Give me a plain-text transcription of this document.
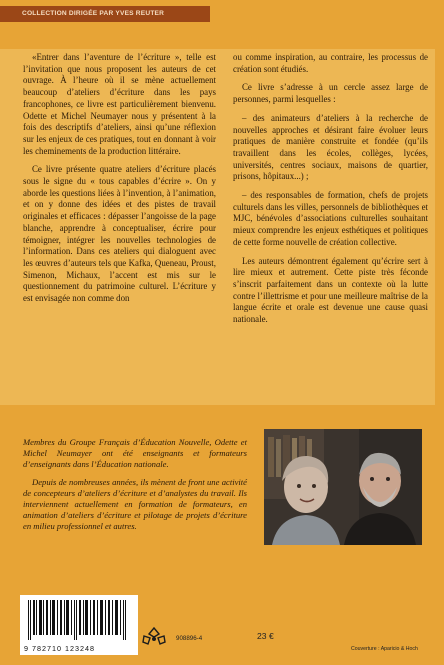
COLLECTION DIRIGÉE PAR YVES REUTER

«Entrer dans l’aventure de l’écriture », telle est l’invitation que nous proposent les auteurs de cet ouvrage. À l’heure où il se mène actuellement beaucoup d’ateliers d’écriture dans les pays francophones, ce livre est particulièrement bienvenu. Odette et Michel Neumayer nous y présentent à la fois des descriptifs d’ateliers, ainsi qu’une réflexion sur les enjeux de ces pratiques, tout en donnant à voir les cheminements de la production littéraire.

Ce livre présente quatre ateliers d’écriture placés sous le signe du « tous capables d’écrire ». On y aborde les questions liées à l’invention, à l’animation, et on y donne des idées et des pistes de travail originales et efficaces : dépasser l’angoisse de la page blanche, apprendre à conceptualiser, écrire pour témoigner, intégrer les nouvelles technologies de l’information. Dans ces ateliers qui dialoguent avec les œuvres d’auteurs tels que Kafka, Queneau, Proust, Simenon, Michaux, l’accent est mis sur le questionnement du patrimoine culturel. L’écriture y est envisagée non comme don

ou comme inspiration, au contraire, les processus de création sont étudiés.

Ce livre s’adresse à un cercle assez large de personnes, parmi lesquelles :

– des animateurs d’ateliers à la recherche de nouvelles approches et désirant faire évoluer leurs pratiques de manière construite et fondée (qu’ils travaillent dans les écoles, collèges, lycées, universités, centres sociaux, maisons de quartier, prisons, hôpitaux...) ;

– des responsables de formation, chefs de projets culturels dans les villes, personnels de bibliothèques et MJC, bénévoles d’associations culturelles souhaitant mieux comprendre les enjeux esthétiques et politiques de cette forme nouvelle de création collective.

Les auteurs démontrent également qu’écrire sert à lire mieux et autrement. Cette piste très féconde s’inscrit parfaitement dans un contexte où la lutte contre l’illettrisme et pour une meilleure maîtrise de la langue écrite et orale est devenue une cause quasi nationale.

Membres du Groupe Français d’Éducation Nouvelle, Odette et Michel Neumayer ont été enseignants et formateurs d’enseignants dans l’Éducation nationale.

Depuis de nombreuses années, ils mènent de front une activité de concepteurs d’ateliers d’écriture et d’analystes du travail. Ils interviennent actuellement en formation de formateurs, en animation d’ateliers d’écriture et pilotage de projets d’écriture en milieu professionnel et autres.

9 782710 123248
908896-4	23 €
Couverture : Aparicio & Hoch
